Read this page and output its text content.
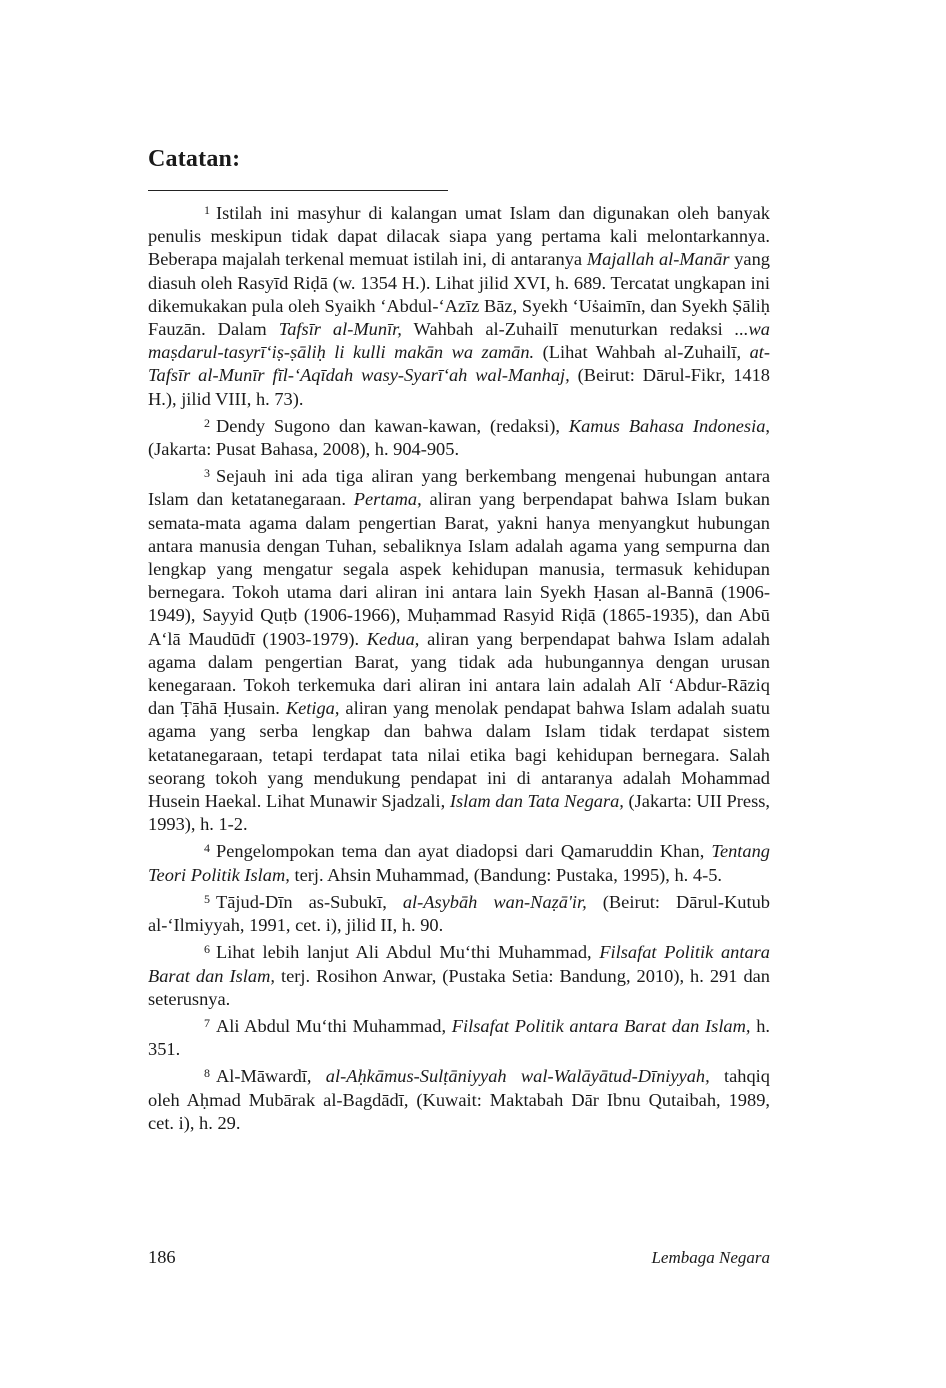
Catatan:

$^1$ Istilah ini masyhur di kalangan umat Islam dan digunakan oleh banyak penulis meskipun tidak dapat dilacak siapa yang pertama kali melontarkannya. Beberapa majalah terkenal memuat istilah ini, di antaranya Majallah al-Manār yang diasuh oleh Rasyīd Riḍā (w. 1354 H.). Lihat jilid XVI, h. 689. Tercatat ungkapan ini dikemukakan pula oleh Syaikh ‘Abdul-‘Azīz Bāz, Syekh ‘Uṡaimīn, dan Syekh Ṣāliḥ Fauzān. Dalam Tafsīr al-Munīr, Wahbah al-Zuhailī menuturkan redaksi ...wa maṣdarul-tasyrī‘iṣ-ṣāliḥ li kulli makān wa zamān. (Lihat Wahbah al-Zuhailī, at-Tafsīr al-Munīr fīl-‘Aqīdah wasy-Syarī‘ah wal-Manhaj, (Beirut: Dārul-Fikr, 1418 H.), jilid VIII, h. 73).

$^2$ Dendy Sugono dan kawan-kawan, (redaksi), Kamus Bahasa Indonesia, (Jakarta: Pusat Bahasa, 2008), h. 904-905.

$^3$ Sejauh ini ada tiga aliran yang berkembang mengenai hubungan antara Islam dan ketatanegaraan. Pertama, aliran yang berpendapat bahwa Islam bukan semata-mata agama dalam pengertian Barat, yakni hanya menyangkut hubungan antara manusia dengan Tuhan, sebaliknya Islam adalah agama yang sempurna dan lengkap yang mengatur segala aspek kehidupan manusia, termasuk kehidupan bernegara. Tokoh utama dari aliran ini antara lain Syekh Ḥasan al-Bannā (1906-1949), Sayyid Quṭb (1906-1966), Muḥammad Rasyid Riḍā (1865-1935), dan Abū A‘lā Maudūdī (1903-1979). Kedua, aliran yang berpendapat bahwa Islam adalah agama dalam pengertian Barat, yang tidak ada hubungannya dengan urusan kenegaraan. Tokoh terkemuka dari aliran ini antara lain adalah Alī ‘Abdur-Rāziq dan Ṭāhā Ḥusain. Ketiga, aliran yang menolak pendapat bahwa Islam adalah suatu agama yang serba lengkap dan bahwa dalam Islam tidak terdapat sistem ketatanegaraan, tetapi terdapat tata nilai etika bagi kehidupan bernegara. Salah seorang tokoh yang mendukung pendapat ini di antaranya adalah Mohammad Husein Haekal. Lihat Munawir Sjadzali, Islam dan Tata Negara, (Jakarta: UII Press, 1993), h. 1-2.

$^4$ Pengelompokan tema dan ayat diadopsi dari Qamaruddin Khan, Tentang Teori Politik Islam, terj. Ahsin Muhammad, (Bandung: Pustaka, 1995), h. 4-5.

$^5$ Tājud-Dīn as-Subukī, al-Asybāh wan-Naẓā'ir, (Beirut: Dārul-Kutub al-‘Ilmiyyah, 1991, cet. i), jilid II, h. 90.

$^6$ Lihat lebih lanjut Ali Abdul Mu‘thi Muhammad, Filsafat Politik antara Barat dan Islam, terj. Rosihon Anwar, (Pustaka Setia: Bandung, 2010), h. 291 dan seterusnya.

$^7$ Ali Abdul Mu‘thi Muhammad, Filsafat Politik antara Barat dan Islam, h. 351.

$^8$ Al-Māwardī, al-Aḥkāmus-Sulṭāniyyah wal-Walāyātud-Dīniyyah, tahqiq oleh Aḥmad Mubārak al-Bagdādī, (Kuwait: Maktabah Dār Ibnu Qutaibah, 1989, cet. i), h. 29.

186	Lembaga Negara
